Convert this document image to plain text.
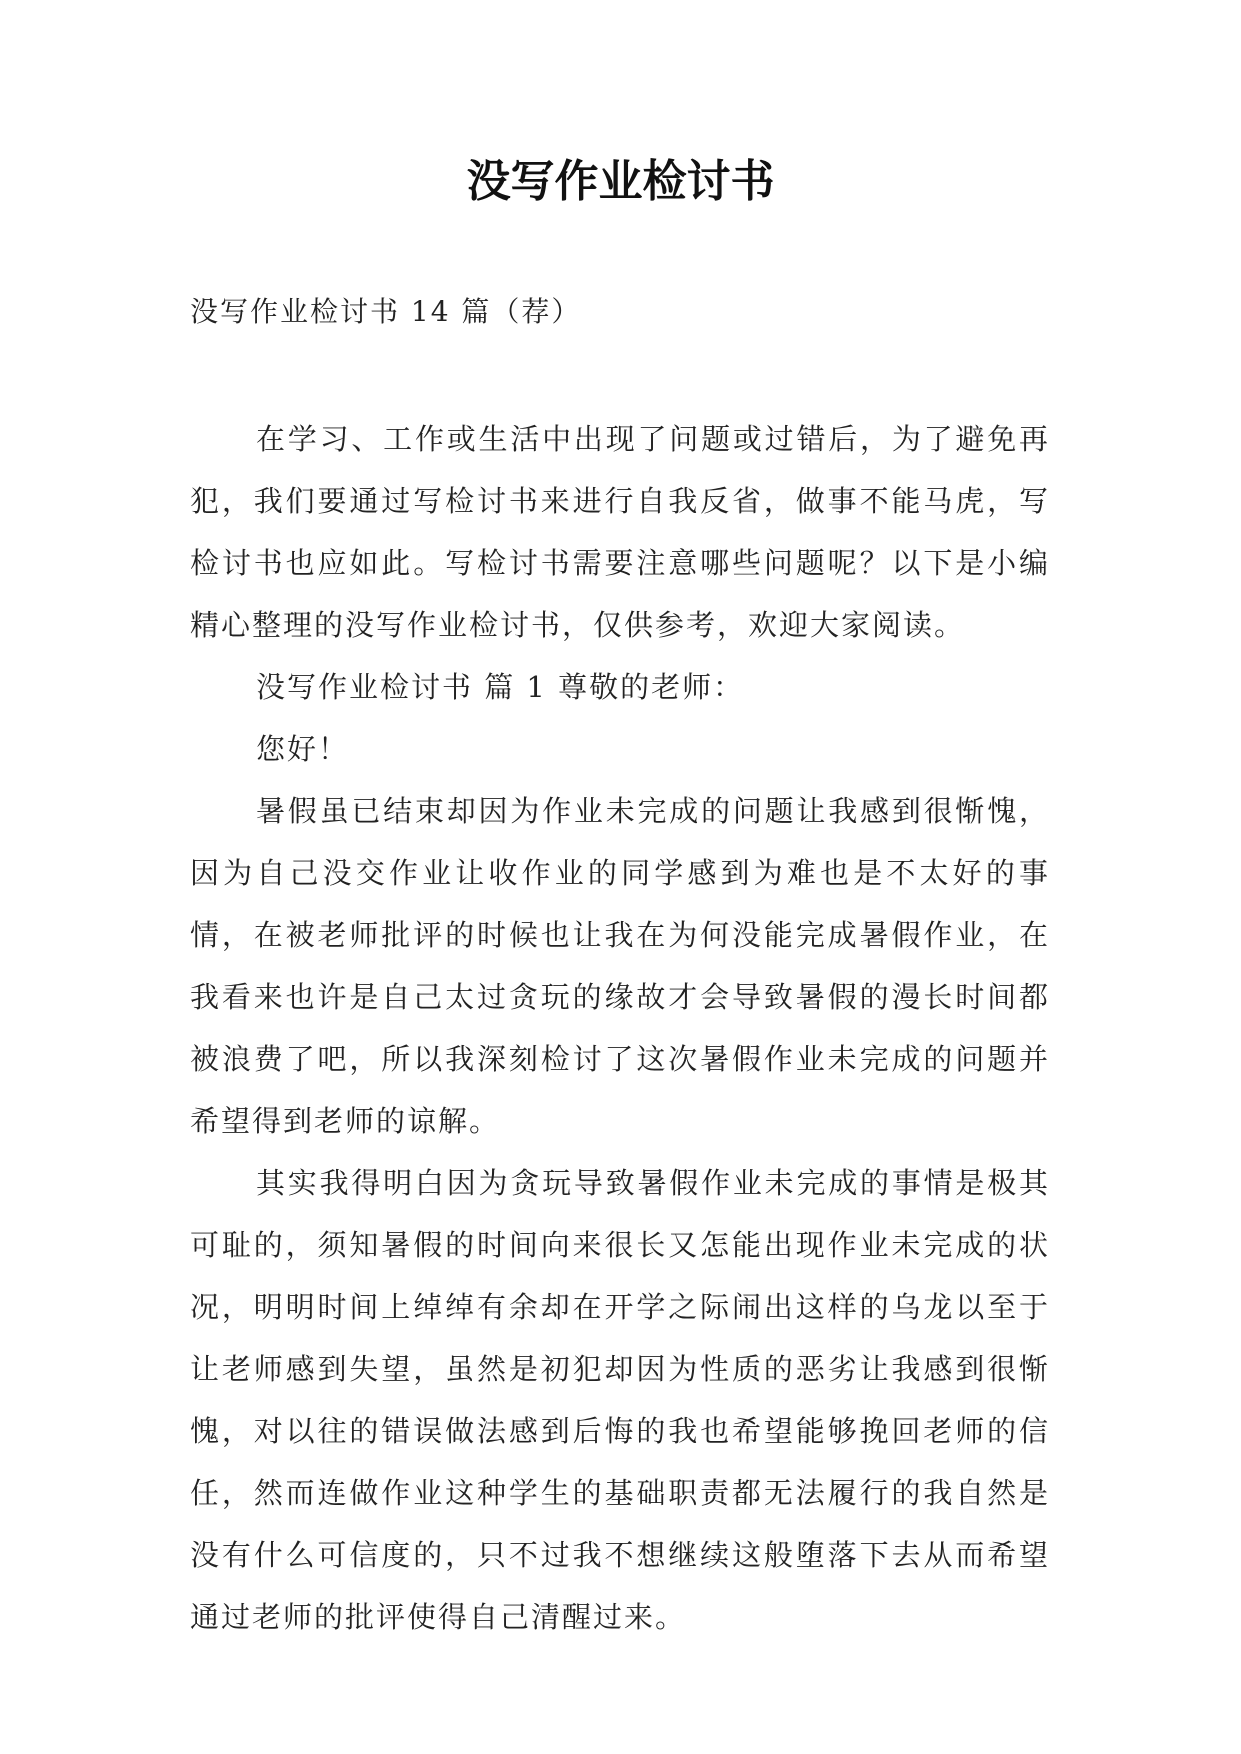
没写作业检讨书
没写作业检讨书 14 篇（荐）

在学习、工作或生活中出现了问题或过错后，为了避免再犯，我们要通过写检讨书来进行自我反省，做事不能马虎，写检讨书也应如此。写检讨书需要注意哪些问题呢？以下是小编精心整理的没写作业检讨书，仅供参考，欢迎大家阅读。

没写作业检讨书 篇 1 尊敬的老师：

您好！

暑假虽已结束却因为作业未完成的问题让我感到很惭愧，因为自己没交作业让收作业的同学感到为难也是不太好的事情，在被老师批评的时候也让我在为何没能完成暑假作业，在我看来也许是自己太过贪玩的缘故才会导致暑假的漫长时间都被浪费了吧，所以我深刻检讨了这次暑假作业未完成的问题并希望得到老师的谅解。

其实我得明白因为贪玩导致暑假作业未完成的事情是极其可耻的，须知暑假的时间向来很长又怎能出现作业未完成的状况，明明时间上绰绰有余却在开学之际闹出这样的乌龙以至于让老师感到失望，虽然是初犯却因为性质的恶劣让我感到很惭愧，对以往的错误做法感到后悔的我也希望能够挽回老师的信任，然而连做作业这种学生的基础职责都无法履行的我自然是没有什么可信度的，只不过我不想继续这般堕落下去从而希望通过老师的批评使得自己清醒过来。
